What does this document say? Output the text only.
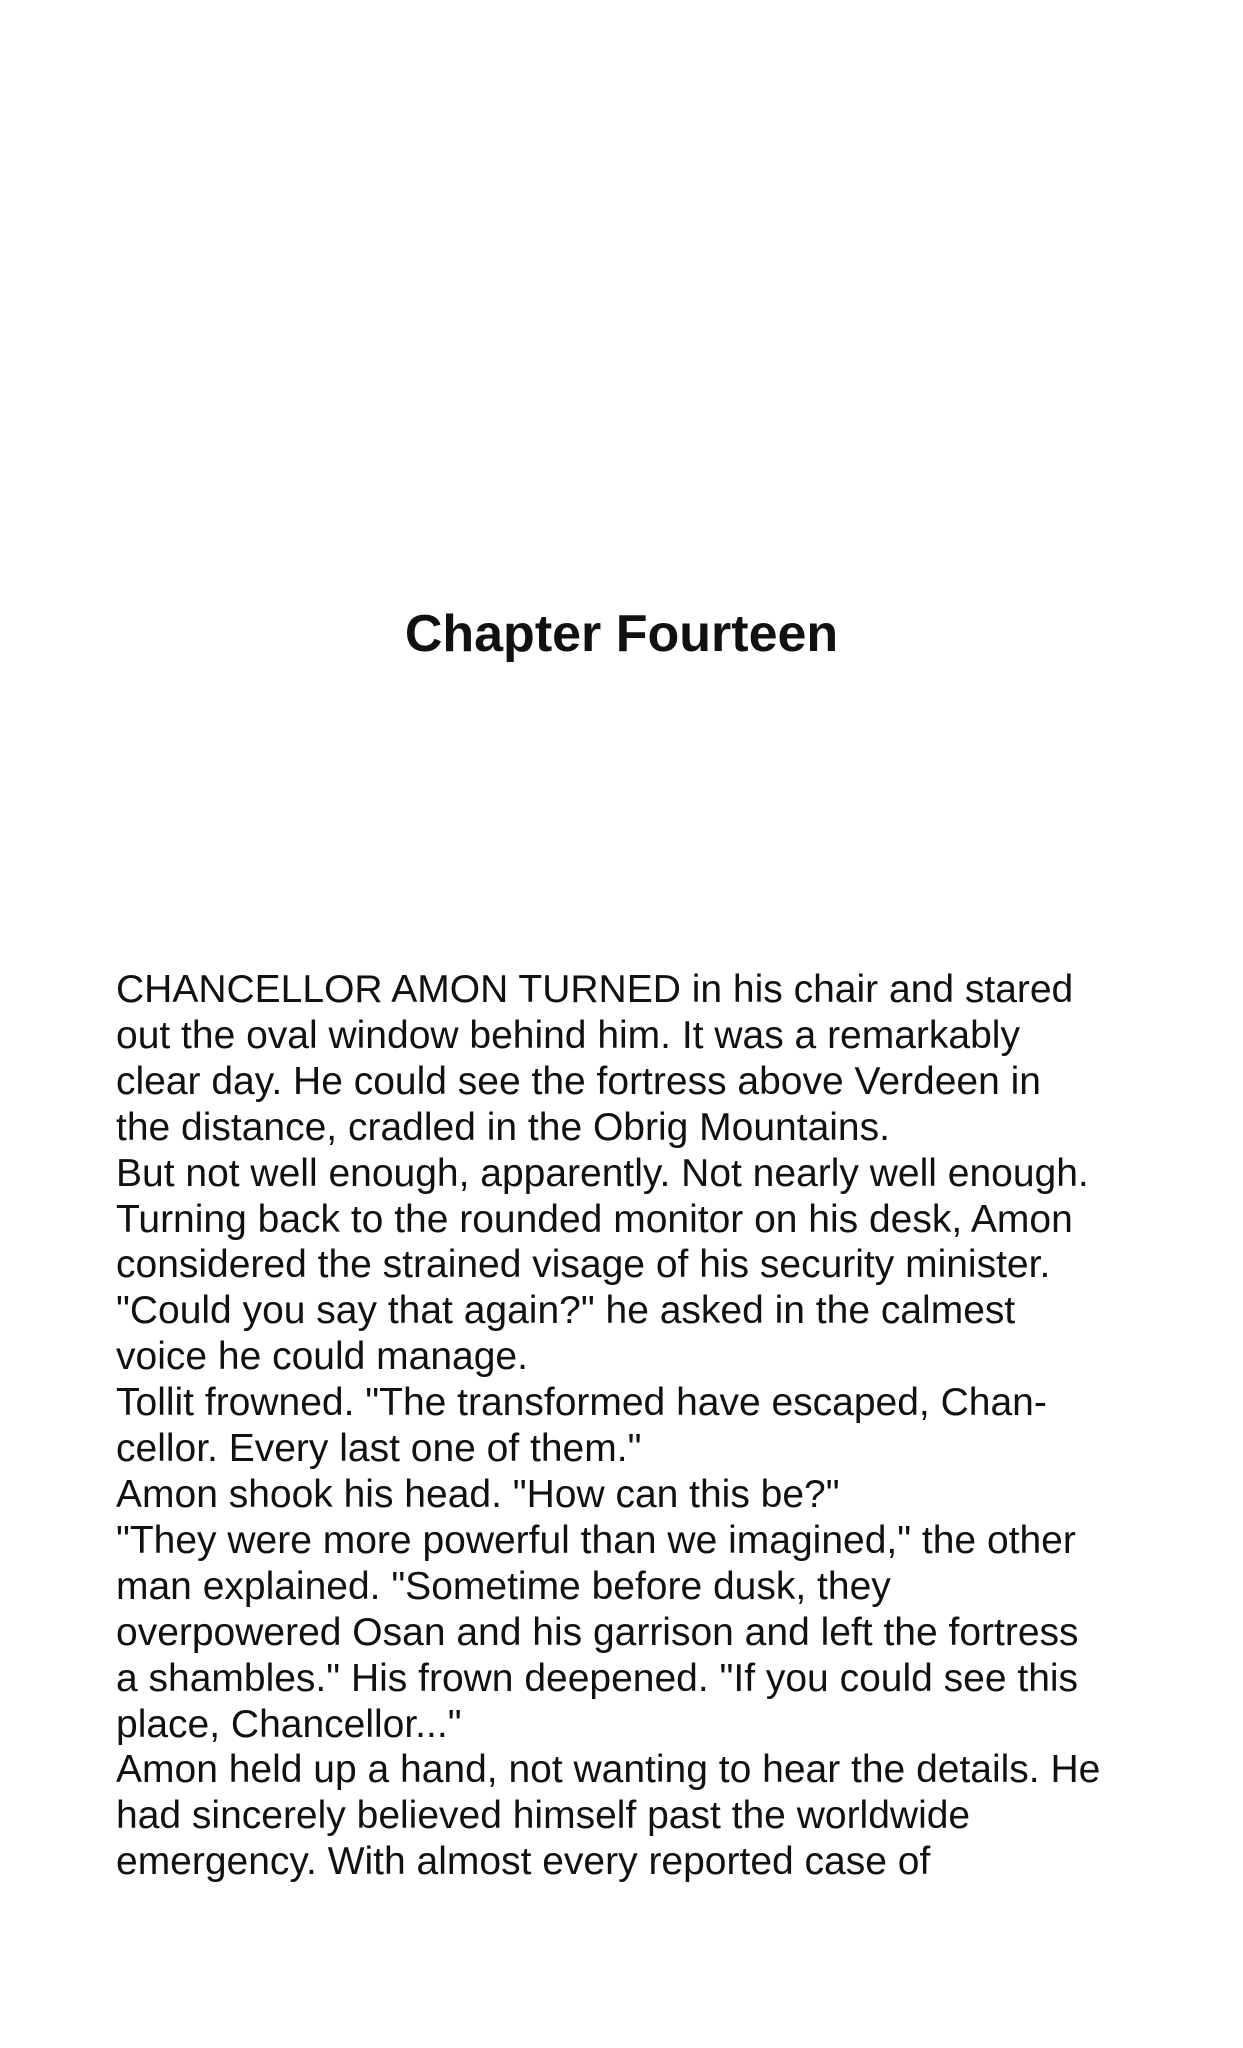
Chapter Fourteen
CHANCELLOR AMON TURNED in his chair and stared
out the oval window behind him. It was a remarkably
clear day. He could see the fortress above Verdeen in
the distance, cradled in the Obrig Mountains.
But not well enough, apparently. Not nearly well enough.
Turning back to the rounded monitor on his desk, Amon
considered the strained visage of his security minister.
"Could you say that again?" he asked in the calmest
voice he could manage.
Tollit frowned. "The transformed have escaped, Chan-
cellor. Every last one of them."
Amon shook his head. "How can this be?"
"They were more powerful than we imagined," the other
man explained. "Sometime before dusk, they
overpowered Osan and his garrison and left the fortress
a shambles." His frown deepened. "If you could see this
place, Chancellor..."
Amon held up a hand, not wanting to hear the details. He
had sincerely believed himself past the worldwide
emergency. With almost every reported case of
